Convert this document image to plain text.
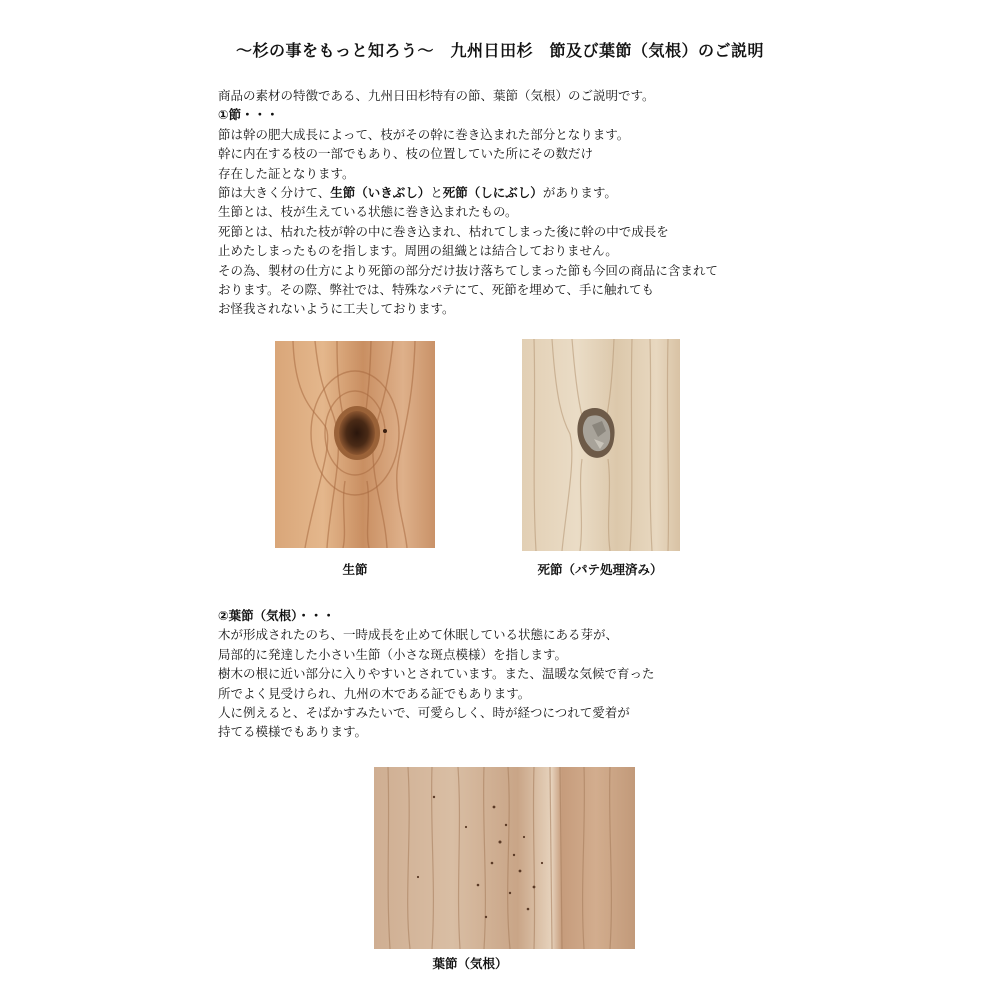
～杉の事をもっと知ろう～　九州日田杉　節及び葉節（気根）のご説明

商品の素材の特徴である、九州日田杉特有の節、葉節（気根）のご説明です。

①節・・・

節は幹の肥大成長によって、枝がその幹に巻き込まれた部分となります。

幹に内在する枝の一部でもあり、枝の位置していた所にその数だけ

存在した証となります。

節は大きく分けて、生節（いきぶし）と死節（しにぶし）があります。

生節とは、枝が生えている状態に巻き込まれたもの。

死節とは、枯れた枝が幹の中に巻き込まれ、枯れてしまった後に幹の中で成長を

止めたしまったものを指します。周囲の組織とは結合しておりません。

その為、製材の仕方により死節の部分だけ抜け落ちてしまった節も今回の商品に含まれて

おります。その際、弊社では、特殊なパテにて、死節を埋めて、手に触れても

お怪我されないように工夫しております。

生節	死節（パテ処理済み）

②葉節（気根）・・・

木が形成されたのち、一時成長を止めて休眠している状態にある芽が、

局部的に発達した小さい生節（小さな斑点模様）を指します。

樹木の根に近い部分に入りやすいとされています。また、温暖な気候で育った

所でよく見受けられ、九州の木である証でもあります。

人に例えると、そばかすみたいで、可愛らしく、時が経つにつれて愛着が

持てる模様でもあります。

葉節（気根）
